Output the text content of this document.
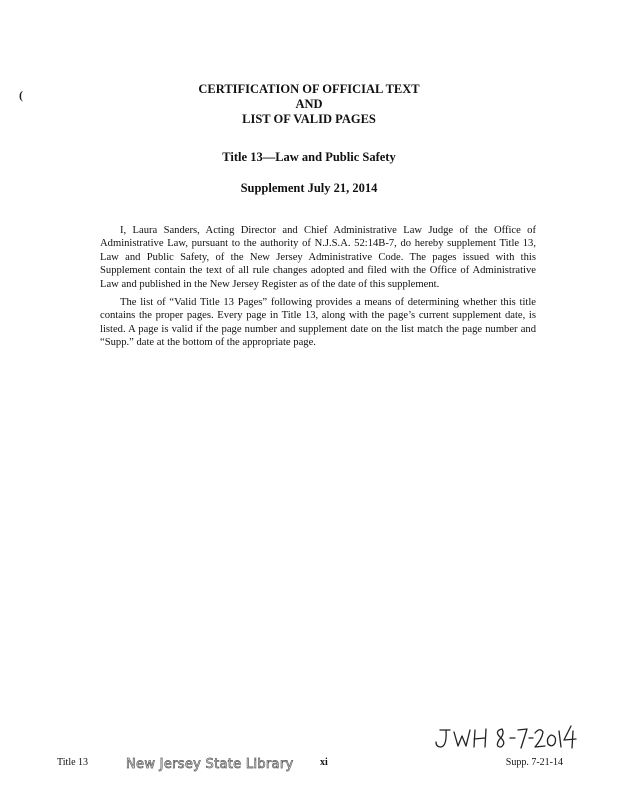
(	CERTIFICATION OF OFFICIAL TEXT
AND
LIST OF VALID PAGES
Title 13—Law and Public Safety
Supplement July 21, 2014

I, Laura Sanders, Acting Director and Chief Administrative Law Judge of the Office of Administrative Law, pursuant to the authority of N.J.S.A. 52:14B-7, do hereby supplement Title 13, Law and Public Safety, of the New Jersey Administrative Code. The pages issued with this Supplement contain the text of all rule changes adopted and filed with the Office of Administrative Law and published in the New Jersey Register as of the date of this supplement.

The list of “Valid Title 13 Pages” following provides a means of determining whether this title contains the proper pages. Every page in Title 13, along with the page’s current supplement date, is listed. A page is valid if the page number and supplement date on the list match the page number and “Supp.” date at the bottom of the appropriate page.

Title 13	New Jersey State Library	xi	Supp. 7-21-14
